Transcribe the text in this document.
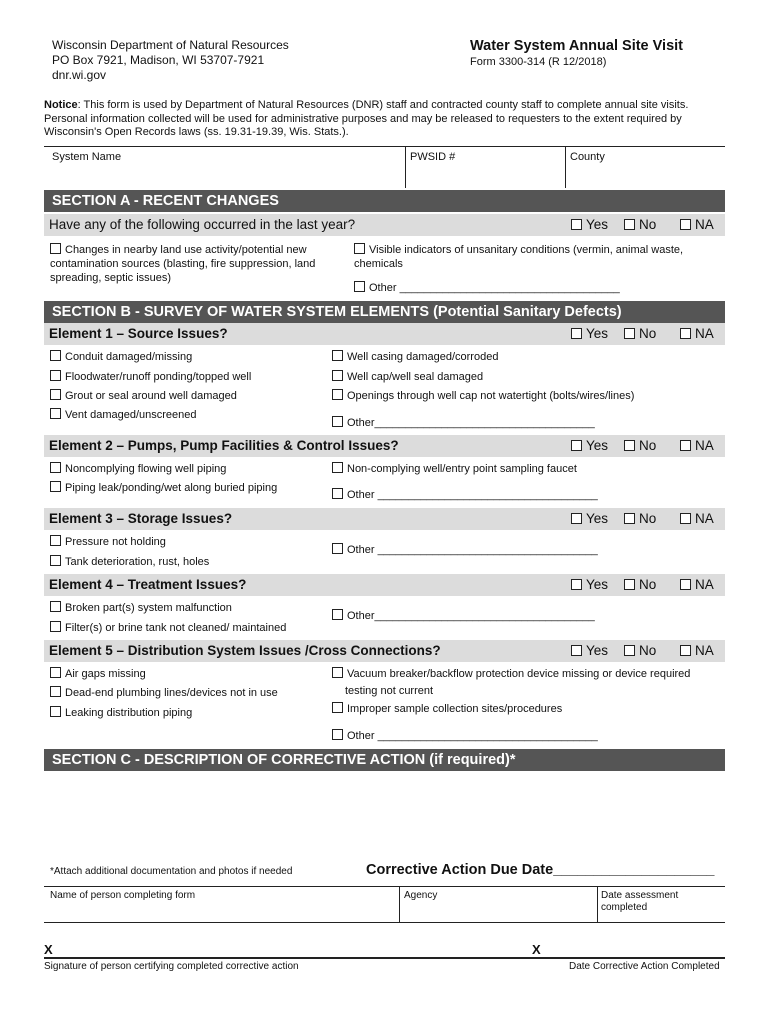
Wisconsin Department of Natural Resources
PO Box 7921, Madison, WI 53707-7921
dnr.wi.gov
Water System Annual Site Visit
Form 3300-314 (R 12/2018)
Notice: This form is used by Department of Natural Resources (DNR) staff and contracted county staff to complete annual site visits. Personal information collected will be used for administrative purposes and may be released to requesters to the extent required by Wisconsin's Open Records laws (ss. 19.31-19.39, Wis. Stats.).
System Name	PWSID #	County
SECTION A - RECENT CHANGES
Have any of the following occurred in the last year?	Yes	No	NA
Changes in nearby land use activity/potential new contamination sources (blasting, fire suppression, land spreading, septic issues)
Visible indicators of unsanitary conditions (vermin, animal waste, chemicals
Other ____________________________________
SECTION B - SURVEY OF WATER SYSTEM ELEMENTS (Potential Sanitary Defects)
Element 1 – Source Issues?	Yes	No	NA
Conduit damaged/missing
Floodwater/runoff ponding/topped well
Grout or seal around well damaged
Vent damaged/unscreened
Well casing damaged/corroded
Well cap/well seal damaged
Openings through well cap not watertight (bolts/wires/lines)
Other____________________________________
Element 2 – Pumps, Pump Facilities & Control Issues?	Yes	No	NA
Noncomplying flowing well piping
Piping leak/ponding/wet along buried piping
Non-complying well/entry point sampling faucet
Other ____________________________________
Element 3 – Storage Issues?	Yes	No	NA
Pressure not holding
Tank deterioration, rust, holes
Other ____________________________________
Element 4 – Treatment Issues?	Yes	No	NA
Broken part(s) system malfunction
Filter(s) or brine tank not cleaned/ maintained
Other____________________________________
Element 5 – Distribution System Issues /Cross Connections?	Yes	No	NA
Air gaps missing
Dead-end plumbing lines/devices not in use
Leaking distribution piping
Vacuum breaker/backflow protection device missing or device required
testing not current
Improper sample collection sites/procedures
Other ____________________________________
SECTION C - DESCRIPTION OF CORRECTIVE ACTION (if required)*
*Attach additional documentation and photos if needed	Corrective Action Due Date____________________
Name of person completing form	Agency	Date assessment completed
X	X
Signature of person certifying completed corrective action	Date Corrective Action Completed
